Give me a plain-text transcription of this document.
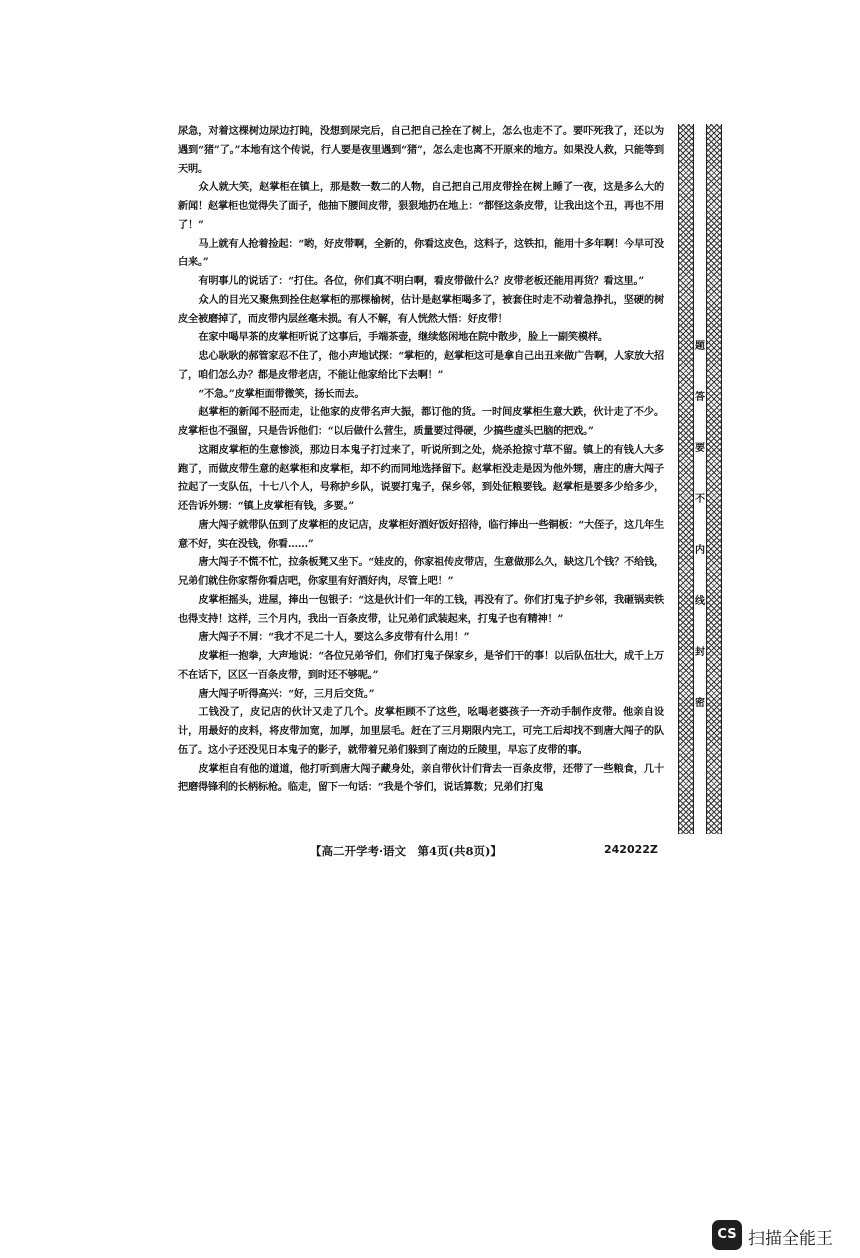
尿急，对着这棵树边尿边打盹，没想到尿完后，自己把自己拴在了树上，怎么也走不了。要吓死我了，还以为遇到“猪”了。”本地有这个传说，行人要是夜里遇到“猪”，怎么走也离不开原来的地方。如果没人救，只能等到天明。

众人就大笑，赵掌柜在镇上，那是数一数二的人物，自己把自己用皮带拴在树上睡了一夜，这是多么大的新闻！赵掌柜也觉得失了面子，他抽下腰间皮带，狠狠地扔在地上：“都怪这条皮带，让我出这个丑，再也不用了！”

马上就有人抢着捡起：“哟，好皮带啊，全新的，你看这皮色，这料子，这铁扣，能用十多年啊！今早可没白来。”

有明事儿的说话了：“打住。各位，你们真不明白啊，看皮带做什么？皮带老板还能用再货？看这里。”

众人的目光又聚焦到拴住赵掌柜的那棵榆树，估计是赵掌柜喝多了，被套住时走不动着急挣扎，坚硬的树皮全被磨掉了，而皮带内层丝毫未损。有人不解，有人恍然大悟：好皮带！

在家中喝早茶的皮掌柜听说了这事后，手端茶壶，继续悠闲地在院中散步，脸上一副笑模样。

忠心耿耿的郝管家忍不住了，他小声地试探：“掌柜的，赵掌柜这可是拿自己出丑来做广告啊，人家放大招了，咱们怎么办？都是皮带老店，不能让他家给比下去啊！”

“不急。”皮掌柜面带微笑，扬长而去。

赵掌柜的新闻不胫而走，让他家的皮带名声大振，都订他的货。一时间皮掌柜生意大跌，伙计走了不少。皮掌柜也不强留，只是告诉他们：“以后做什么营生，质量要过得硬，少搞些虚头巴脑的把戏。”

这厢皮掌柜的生意惨淡，那边日本鬼子打过来了，听说所到之处，烧杀抢掠寸草不留。镇上的有钱人大多跑了，而做皮带生意的赵掌柜和皮掌柜，却不约而同地选择留下。赵掌柜没走是因为他外甥，唐庄的唐大闯子拉起了一支队伍，十七八个人，号称护乡队，说要打鬼子，保乡邻，到处征粮要钱。赵掌柜是要多少给多少，还告诉外甥：“镇上皮掌柜有钱，多要。”

唐大闯子就带队伍到了皮掌柜的皮记店，皮掌柜好酒好饭好招待，临行捧出一些铜板：“大侄子，这几年生意不好，实在没钱，你看……”

唐大闯子不慌不忙，拉条板凳又坐下。“娃皮的，你家祖传皮带店，生意做那么久，缺这几个钱？不给钱，兄弟们就住你家帮你看店吧，你家里有好酒好肉，尽管上吧！”

皮掌柜摇头，进屋，捧出一包银子：“这是伙计们一年的工钱，再没有了。你们打鬼子护乡邻，我砸锅卖铁也得支持！这样，三个月内，我出一百条皮带，让兄弟们武装起来，打鬼子也有精神！”

唐大闯子不屑：“我才不足二十人，要这么多皮带有什么用！”

皮掌柜一抱拳，大声地说：“各位兄弟爷们，你们打鬼子保家乡，是爷们干的事！以后队伍壮大，成千上万不在话下，区区一百条皮带，到时还不够呢。”

唐大闯子听得高兴：“好，三月后交货。”

工钱没了，皮记店的伙计又走了几个。皮掌柜顾不了这些，吆喝老婆孩子一齐动手制作皮带。他亲自设计，用最好的皮料，将皮带加宽，加厚，加里层毛。赶在了三月期限内完工，可完工后却找不到唐大闯子的队伍了。这小子还没见日本鬼子的影子，就带着兄弟们躲到了南边的丘陵里，早忘了皮带的事。

皮掌柜自有他的道道，他打听到唐大闯子藏身处，亲自带伙计们背去一百条皮带，还带了一些粮食，几十把磨得锋利的长柄标枪。临走，留下一句话：“我是个爷们，说话算数；兄弟们打鬼

【高二开学考·语文　第4页(共8页)】	242022Z
题
答
要
不
内
线
封
密
CS 扫描全能王
